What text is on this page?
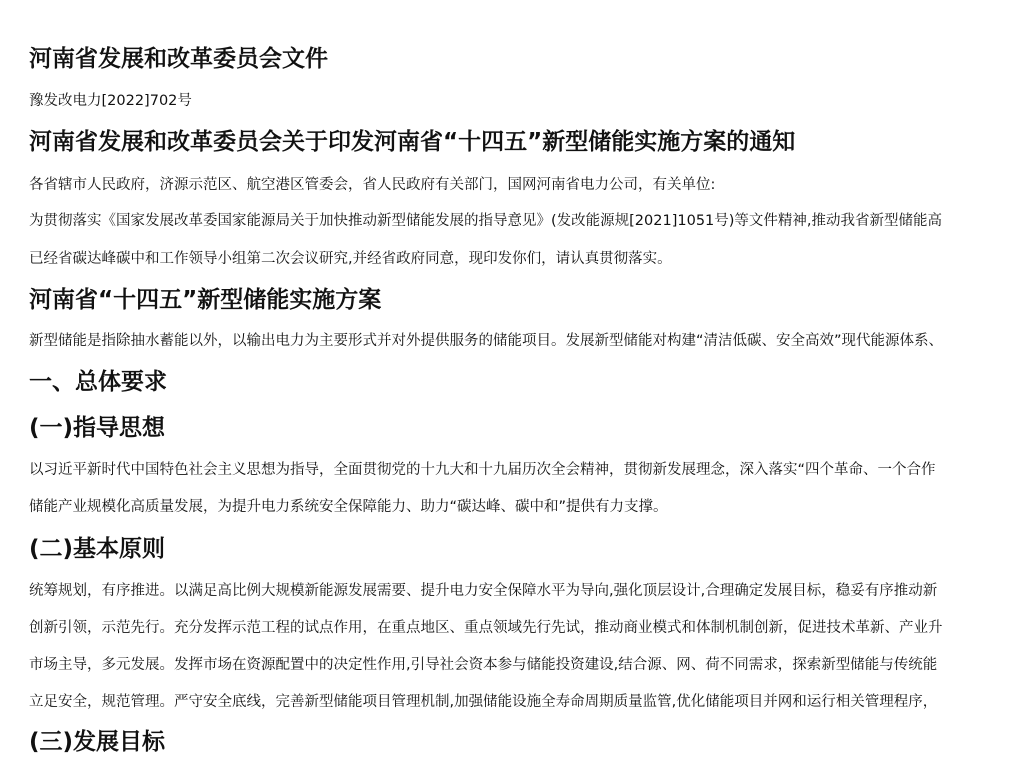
河南省发展和改革委员会文件
豫发改电力[2022]702号
河南省发展和改革委员会关于印发河南省“十四五”新型储能实施方案的通知

各省辖市人民政府，济源示范区、航空港区管委会，省人民政府有关部门，国网河南省电力公司，有关单位:

为贯彻落实《国家发展改革委国家能源局关于加快推动新型储能发展的指导意见》(发改能源规[2021]1051号)等文件精神,推动我省新型储能高

已经省碳达峰碳中和工作领导小组第二次会议研究,并经省政府同意，现印发你们，请认真贯彻落实。

河南省“十四五”新型储能实施方案

新型储能是指除抽水蓄能以外，以输出电力为主要形式并对外提供服务的储能项目。发展新型储能对构建“清洁低碳、安全高效”现代能源体系、

一、总体要求
(一)指导思想

以习近平新时代中国特色社会主义思想为指导，全面贯彻党的十九大和十九届历次全会精神，贯彻新发展理念，深入落实“四个革命、一个合作

储能产业规模化高质量发展，为提升电力系统安全保障能力、助力“碳达峰、碳中和”提供有力支撑。

(二)基本原则

统筹规划，有序推进。以满足高比例大规模新能源发展需要、提升电力安全保障水平为导向,强化顶层设计,合理确定发展目标，稳妥有序推动新

创新引领，示范先行。充分发挥示范工程的试点作用，在重点地区、重点领域先行先试，推动商业模式和体制机制创新，促进技术革新、产业升

市场主导，多元发展。发挥市场在资源配置中的决定性作用,引导社会资本参与储能投资建设,结合源、网、荷不同需求，探索新型储能与传统能

立足安全，规范管理。严守安全底线，完善新型储能项目管理机制,加强储能设施全寿命周期质量监管,优化储能项目并网和运行相关管理程序，

(三)发展目标
